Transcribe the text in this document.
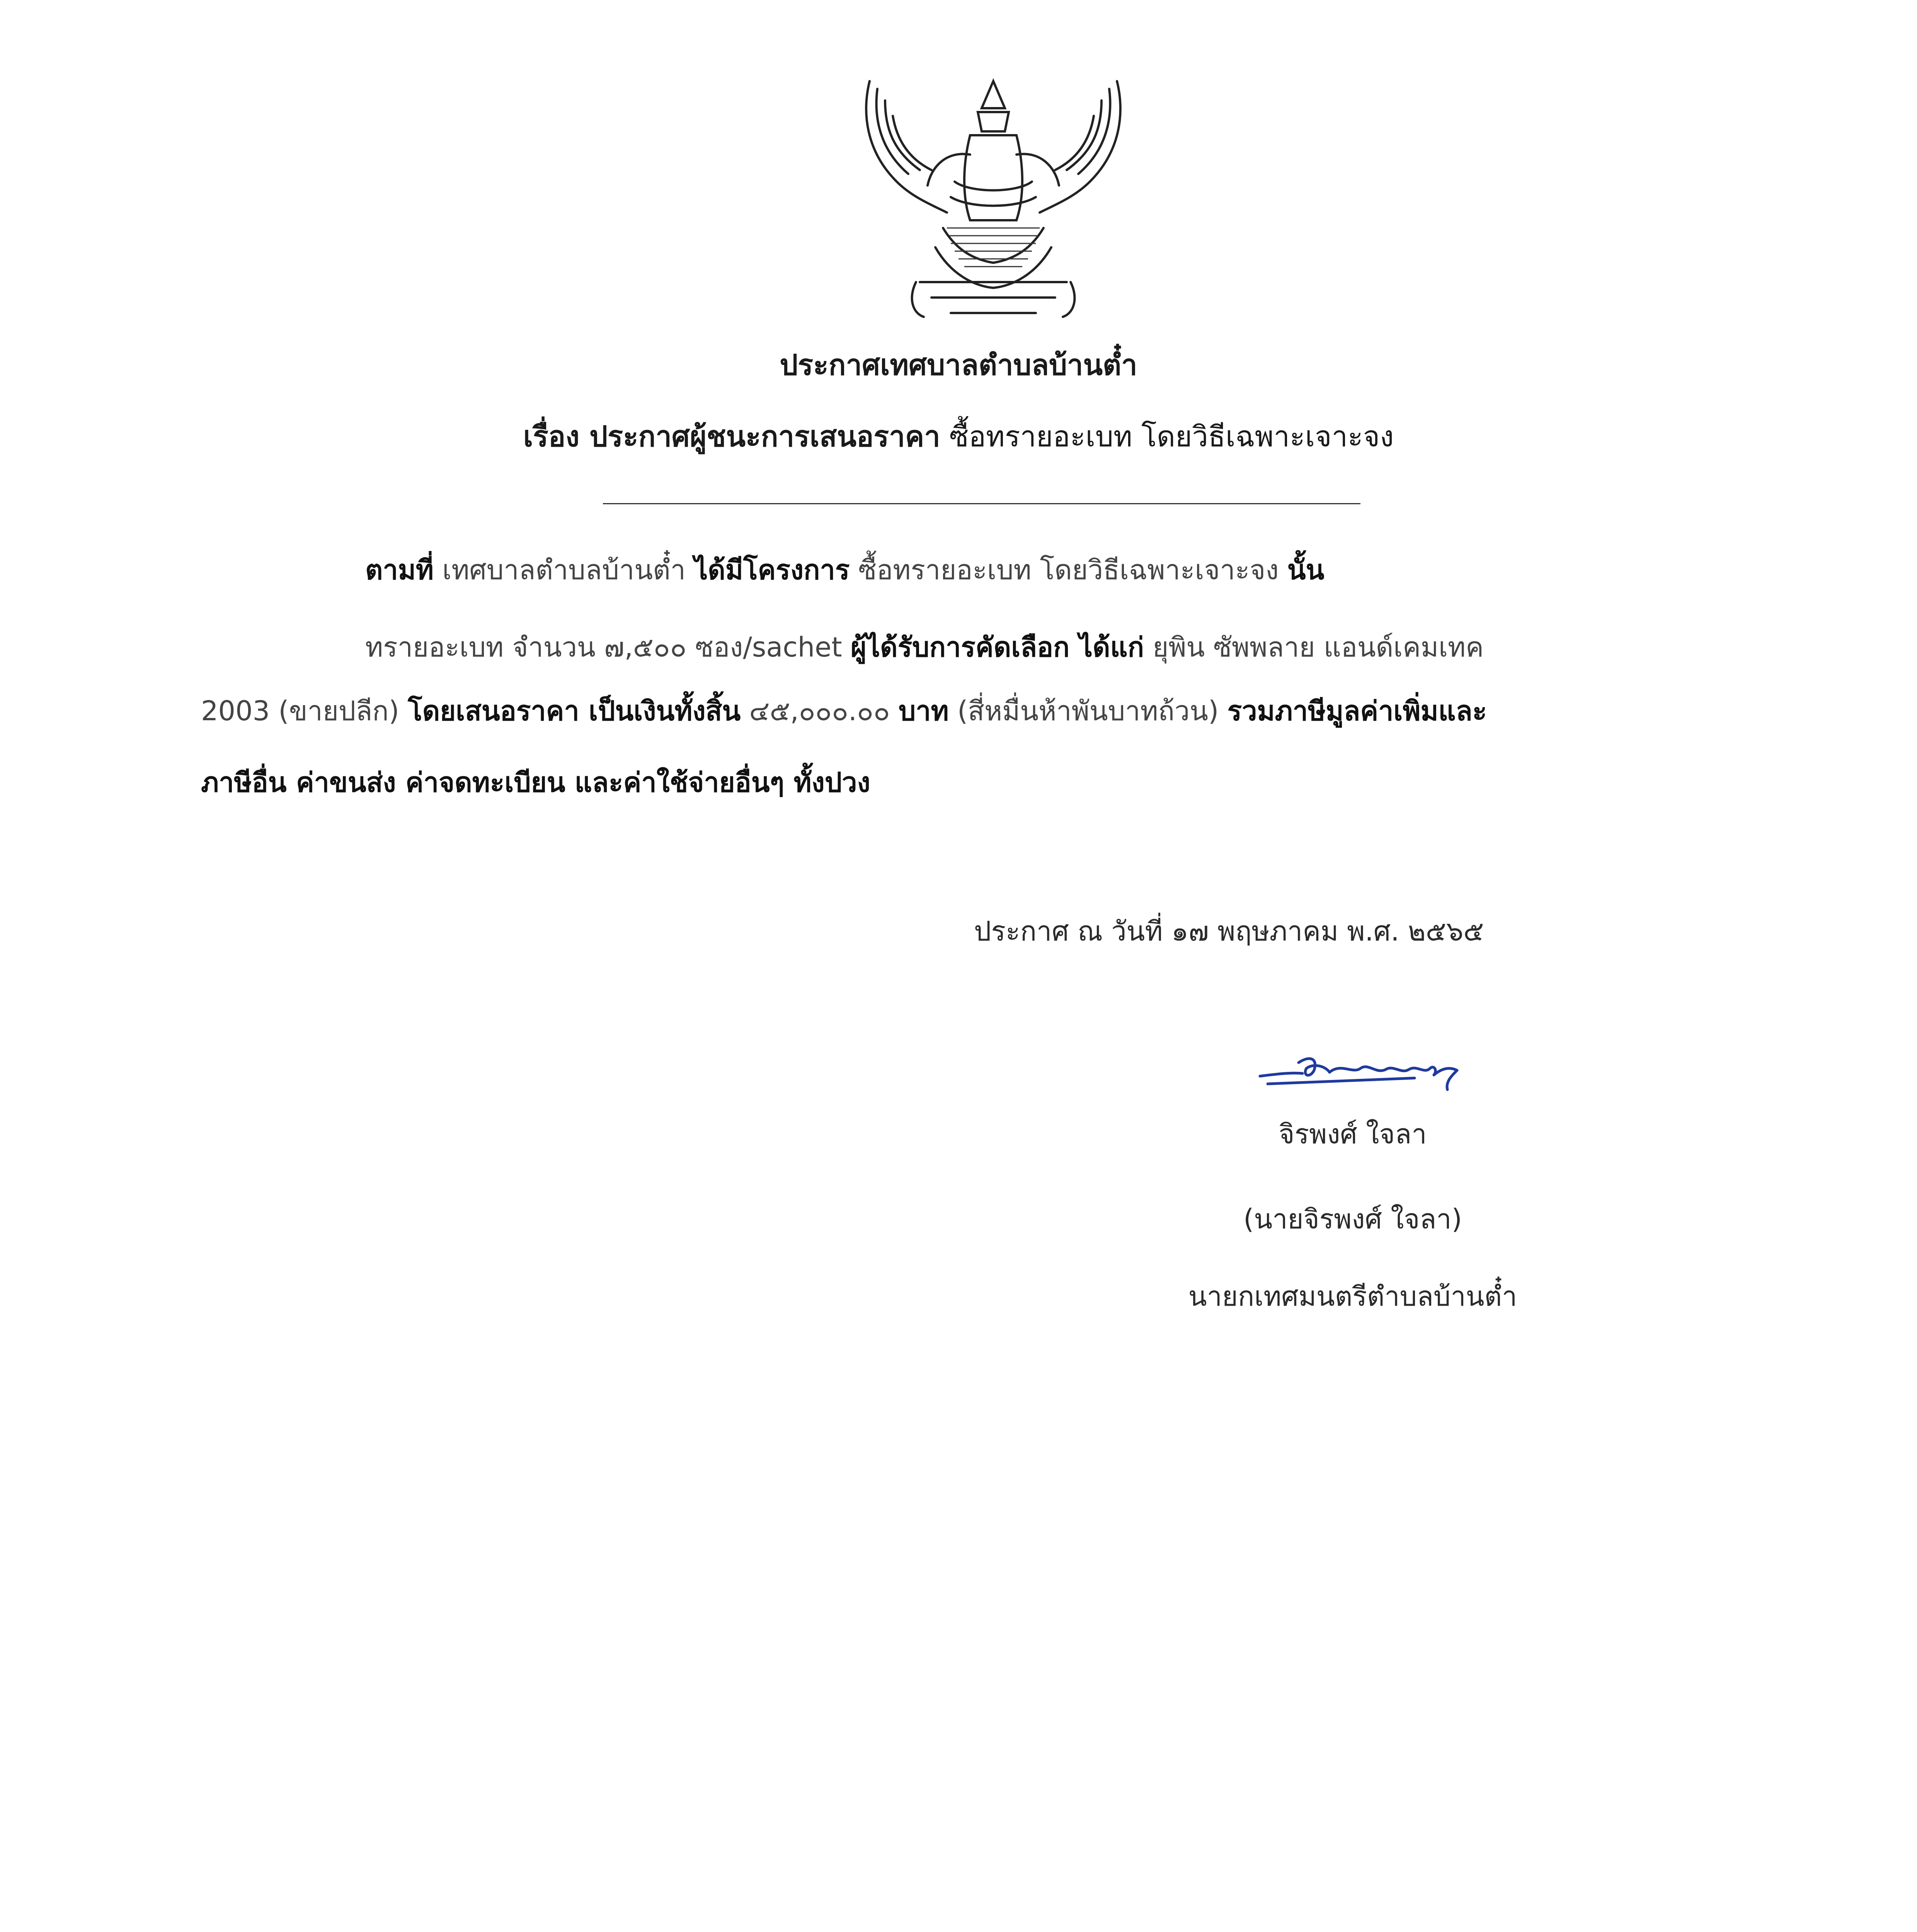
ประกาศเทศบาลตำบลบ้านต๋ำ
เรื่อง ประกาศผู้ชนะการเสนอราคา ซื้อทรายอะเบท โดยวิธีเฉพาะเจาะจง
ตามที่ เทศบาลตำบลบ้านต๋ำ ได้มีโครงการ ซื้อทรายอะเบท โดยวิธีเฉพาะเจาะจง นั้น
ทรายอะเบท จำนวน ๗,๕๐๐ ซอง/sachet ผู้ได้รับการคัดเลือก ได้แก่ ยุพิน ซัพพลาย แอนด์เคมเทค
2003 (ขายปลีก) โดยเสนอราคา เป็นเงินทั้งสิ้น ๔๕,๐๐๐.๐๐ บาท (สี่หมื่นห้าพันบาทถ้วน) รวมภาษีมูลค่าเพิ่มและ
ภาษีอื่น ค่าขนส่ง ค่าจดทะเบียน และค่าใช้จ่ายอื่นๆ ทั้งปวง
ประกาศ ณ วันที่ ๑๗ พฤษภาคม พ.ศ. ๒๕๖๕
จิรพงศ์ ใจลา
(นายจิรพงศ์ ใจลา)
นายกเทศมนตรีตำบลบ้านต๋ำ
